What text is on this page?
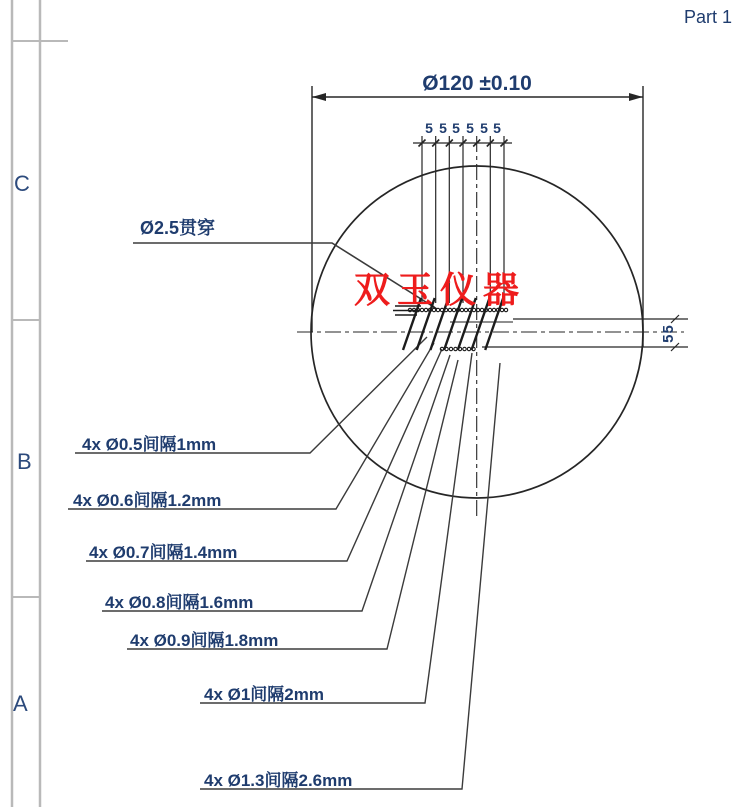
Part 1
C
B
A
Ø120 ±0.10
5 5 5 5 5 5
55
Ø2.5贯穿
4x Ø0.5间隔1mm
4x Ø0.6间隔1.2mm
4x Ø0.7间隔1.4mm
4x Ø0.8间隔1.6mm
4x Ø0.9间隔1.8mm
4x Ø1间隔2mm
4x Ø1.3间隔2.6mm
双玉仪器
